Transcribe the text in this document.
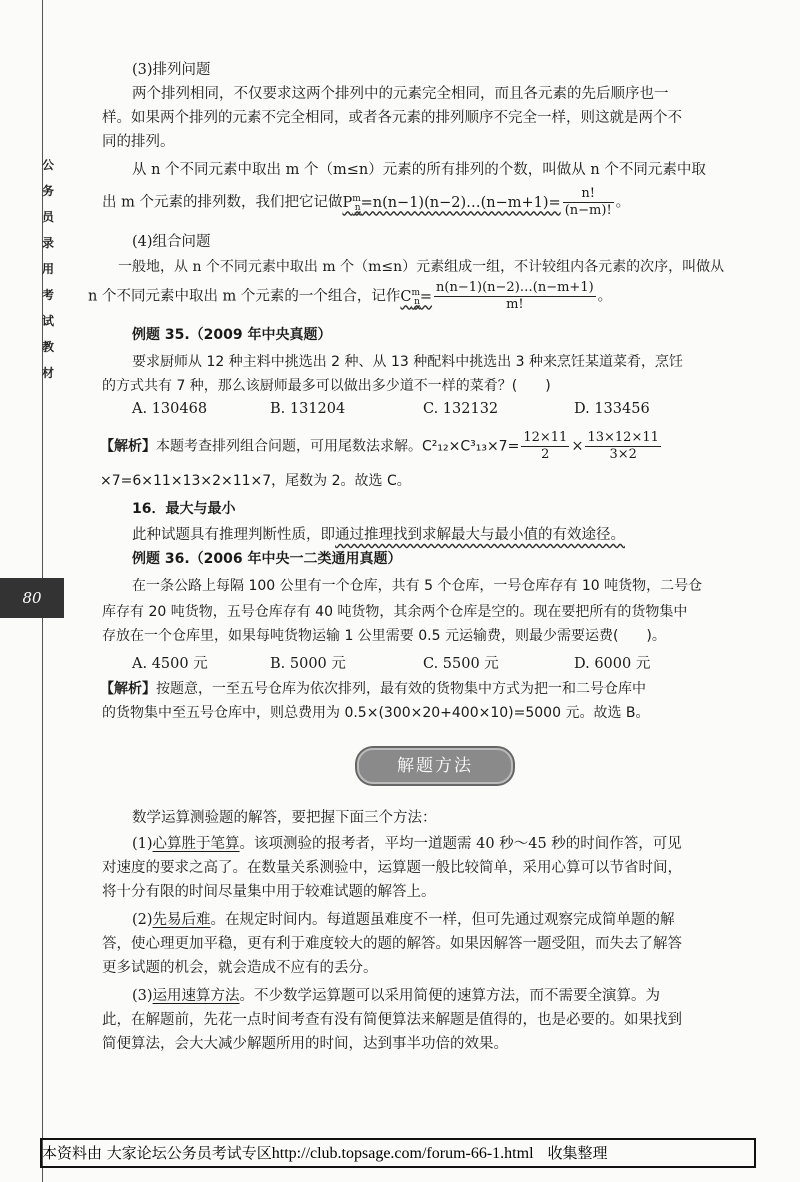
公
务
员
录
用
考
试
教
材
80
(3)排列问题
两个排列相同，不仅要求这两个排列中的元素完全相同，而且各元素的先后顺序也一
样。如果两个排列的元素不完全相同，或者各元素的排列顺序不完全一样，则这就是两个不
同的排列。
从 n 个不同元素中取出 m 个（m≤n）元素的所有排列的个数，叫做从 n 个不同元素中取
出 m 个元素的排列数，我们把它记做$P^m_n=n(n-1)(n-2)\dots(n-m+1)= \frac{n!}{(n-m)!}$ 。
(4)组合问题
一般地，从 n 个不同元素中取出 m 个（m≤n）元素组成一组，不计较组内各元素的次序，叫做从
n 个不同元素中取出 m 个元素的一个组合，记作$C^m_n= \frac{n(n-1)(n-2)\dots(n-m+1)}{m!}$ 。
例题 35.（2009 年中央真题）
要求厨师从 12 种主料中挑选出 2 种、从 13 种配料中挑选出 3 种来烹饪某道菜肴，烹饪
的方式共有 7 种，那么该厨师最多可以做出多少道不一样的菜肴？(　　)
A. 130468	B. 131204	C. 132132	D. 133456
【解析】本题考查排列组合问题，可用尾数法求解。$C^2_{12}\times C^3_{13}\times 7= \frac{12\times 11}{2} \times \frac{13\times 12\times 11}{3\times 2}$
×7=6×11×13×2×11×7，尾数为 2。故选 C。
16．最大与最小
此种试题具有推理判断性质，即通过推理找到求解最大与最小值的有效途径。
例题 36.（2006 年中央一二类通用真题）
在一条公路上每隔 100 公里有一个仓库，共有 5 个仓库，一号仓库存有 10 吨货物，二号仓
库存有 20 吨货物，五号仓库存有 40 吨货物，其余两个仓库是空的。现在要把所有的货物集中
存放在一个仓库里，如果每吨货物运输 1 公里需要 0.5 元运输费，则最少需要运费(　　)。
A. 4500 元	B. 5000 元	C. 5500 元	D. 6000 元
【解析】按题意，一至五号仓库为依次排列，最有效的货物集中方式为把一和二号仓库中
的货物集中至五号仓库中，则总费用为 0.5×(300×20+400×10)=5000 元。故选 B。
解题方法
数学运算测验题的解答，要把握下面三个方法：
(1)心算胜于笔算。该项测验的报考者，平均一道题需 40 秒～45 秒的时间作答，可见
对速度的要求之高了。在数量关系测验中，运算题一般比较简单，采用心算可以节省时间，
将十分有限的时间尽量集中用于较难试题的解答上。
(2)先易后难。在规定时间内。每道题虽难度不一样，但可先通过观察完成简单题的解
答，使心理更加平稳，更有利于难度较大的题的解答。如果因解答一题受阻，而失去了解答
更多试题的机会，就会造成不应有的丢分。
(3)运用速算方法。不少数学运算题可以采用简便的速算方法，而不需要全演算。为
此，在解题前，先花一点时间考查有没有简便算法来解题是值得的，也是必要的。如果找到
简便算法，会大大减少解题所用的时间，达到事半功倍的效果。
本资料由 大家论坛公务员考试专区http://club.topsage.com/forum-66-1.html 收集整理
